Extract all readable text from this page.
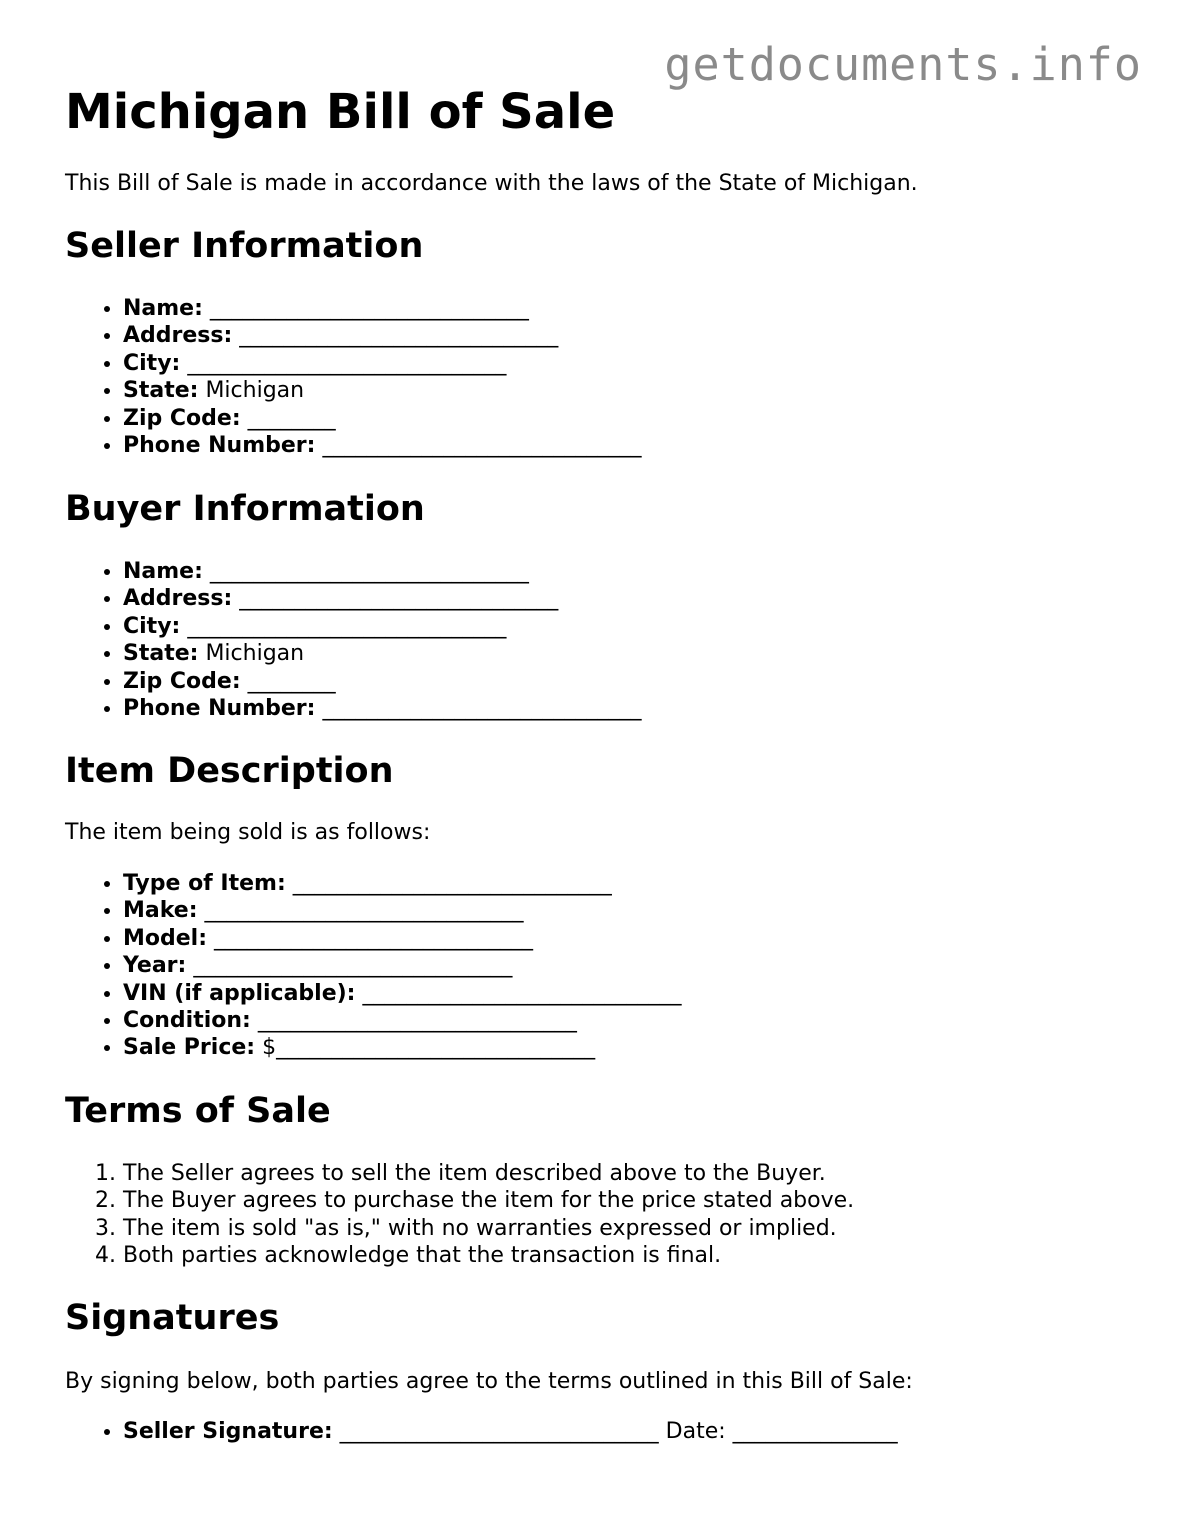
getdocuments.info
Michigan Bill of Sale

This Bill of Sale is made in accordance with the laws of the State of Michigan.

Seller Information
• Name: _____________________________
• Address: _____________________________
• City: _____________________________
• State: Michigan
• Zip Code: ________
• Phone Number: _____________________________
Buyer Information
• Name: _____________________________
• Address: _____________________________
• City: _____________________________
• State: Michigan
• Zip Code: ________
• Phone Number: _____________________________
Item Description

The item being sold is as follows:

• Type of Item: _____________________________
• Make: _____________________________
• Model: _____________________________
• Year: _____________________________
• VIN (if applicable): _____________________________
• Condition: _____________________________
• Sale Price: $_____________________________
Terms of Sale
1. The Seller agrees to sell the item described above to the Buyer.
2. The Buyer agrees to purchase the item for the price stated above.
3. The item is sold "as is," with no warranties expressed or implied.
4. Both parties acknowledge that the transaction is final.
Signatures

By signing below, both parties agree to the terms outlined in this Bill of Sale:

• Seller Signature: _____________________________ Date: _______________
